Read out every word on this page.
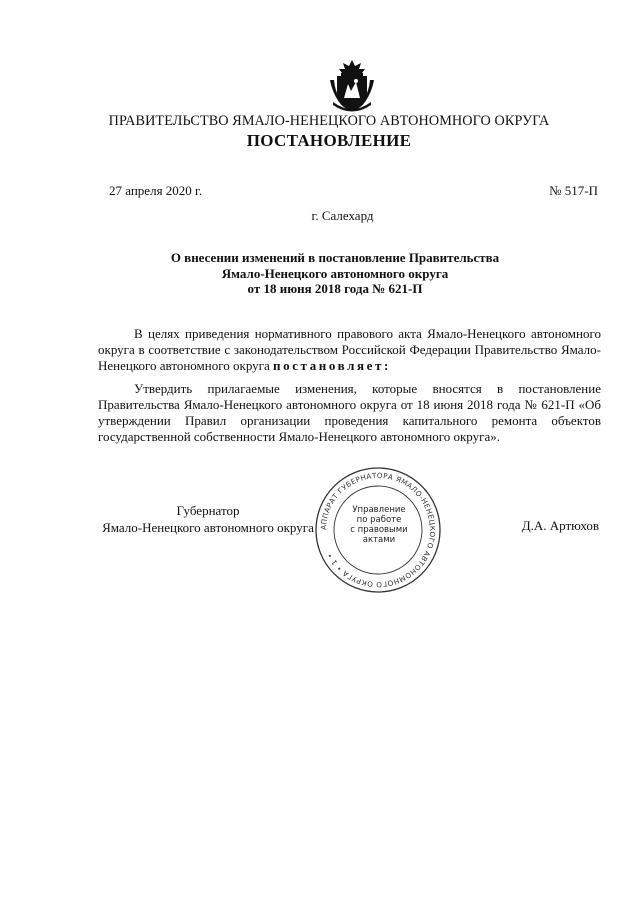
ПРАВИТЕЛЬСТВО ЯМАЛО-НЕНЕЦКОГО АВТОНОМНОГО ОКРУГА
ПОСТАНОВЛЕНИЕ
27 апреля 2020 г.	№ 517-П
г. Салехард
О внесении изменений в постановление Правительства
Ямало-Ненецкого автономного округа
от 18 июня 2018 года № 621-П
В целях приведения нормативного правового акта Ямало-Ненецкого автономного округа в соответствие с законодательством Российской Федерации Правительство Ямало-Ненецкого автономного округа постановляет:
Утвердить прилагаемые изменения, которые вносятся в постановление Правительства Ямало-Ненецкого автономного округа от 18 июня 2018 года № 621-П «Об утверждении Правил организации проведения капитального ремонта объектов государственной собственности Ямало-Ненецкого автономного округа».
АППАРАТ ГУБЕРНАТОРА ЯМАЛО-НЕНЕЦКОГО АВТОНОМНОГО ОКРУГА • 1 •
Управление
по работе
с правовыми
актами
Губернатор
Ямало-Ненецкого автономного округа	Д.А. Артюхов
